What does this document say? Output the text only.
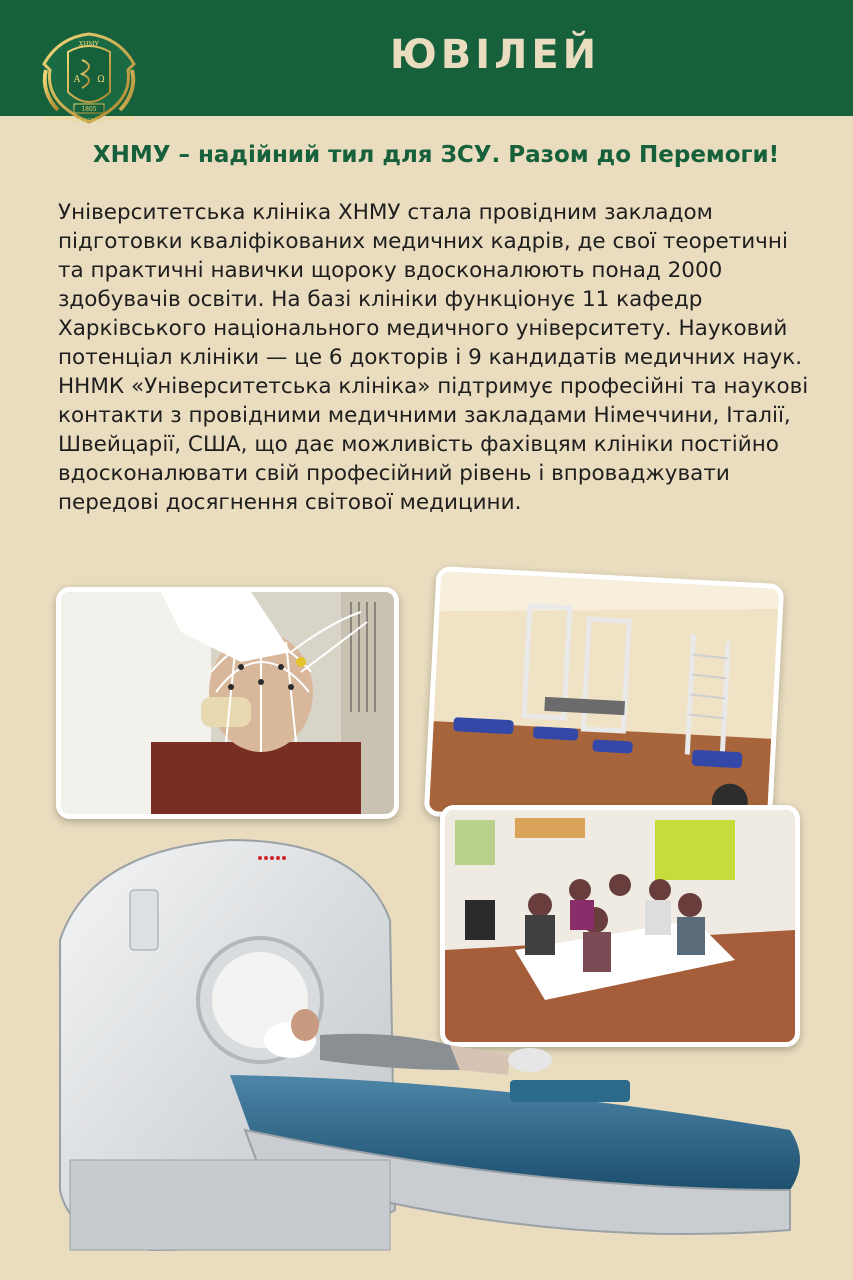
ХНМУ
A Ω
1805
VALETUDO EXTREMUM OPTIMUM
ЮВІЛЕЙ
ХНМУ – надійний тил для ЗСУ. Разом до Перемоги!

Університетська клініка ХНМУ стала провідним закладом підготовки кваліфікованих медичних кадрів, де свої теоретичні та практичні навички щороку вдосконалюють понад 2000 здобувачів освіти. На базі клініки функціонує 11 кафедр Харківського національного медичного університету. Науковий потенціал клініки — це 6 докторів і 9 кандидатів медичних наук.

ННМК «Університетська клініка» підтримує професійні та наукові контакти з провідними медичними закладами Німеччини, Італії, Швейцарії, США, що дає можливість фахівцям клініки постійно вдосконалювати свій професійний рівень і впроваджувати передові досягнення світової медицини.
